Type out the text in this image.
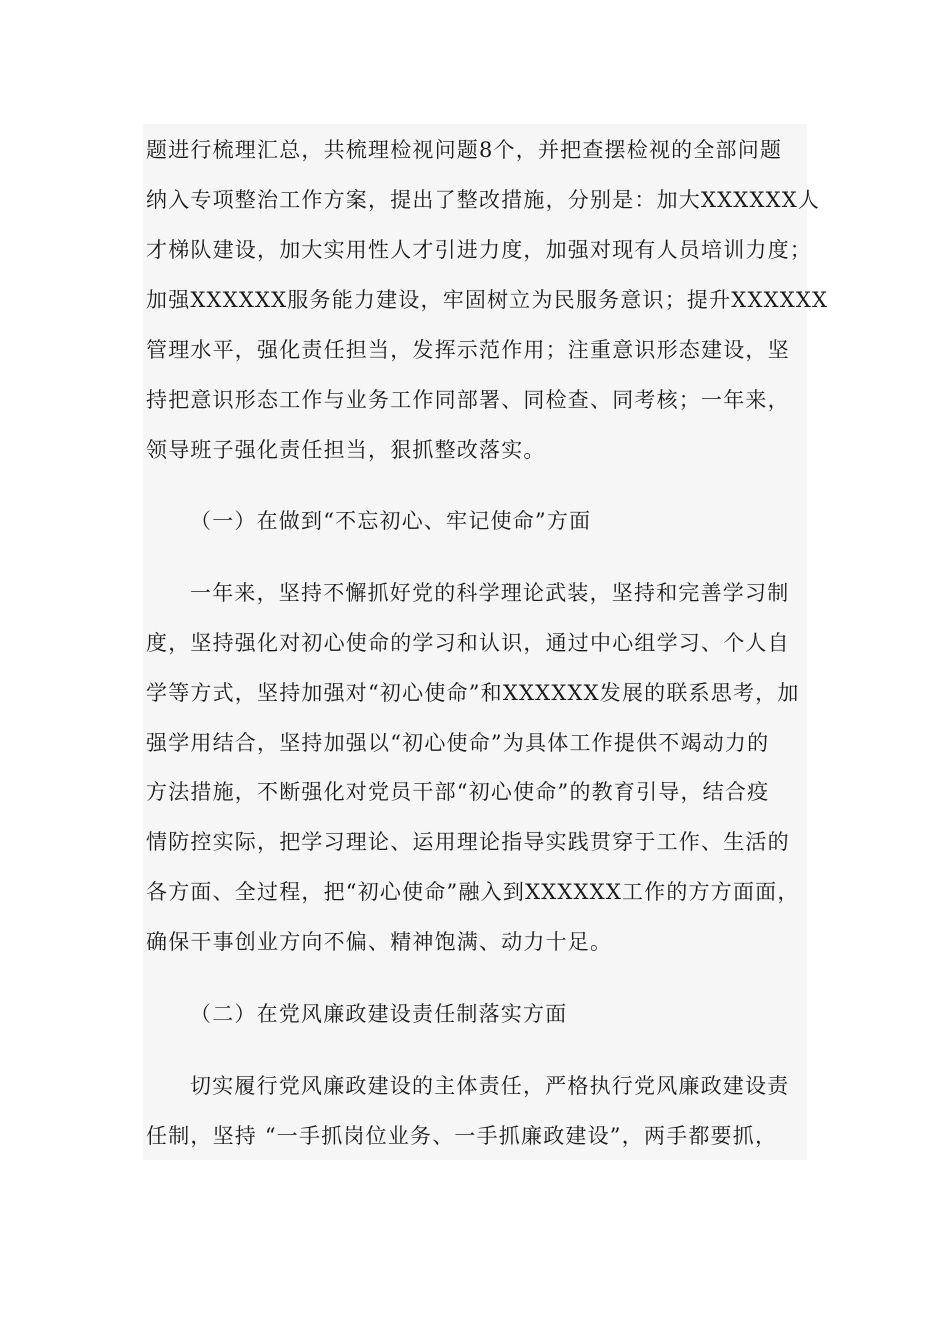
题进行梳理汇总，共梳理检视问题8个，并把查摆检视的全部问题
纳入专项整治工作方案，提出了整改措施，分别是：加大XXXXXX人
才梯队建设，加大实用性人才引进力度，加强对现有人员培训力度；
加强XXXXXX服务能力建设，牢固树立为民服务意识；提升XXXXXX
管理水平，强化责任担当，发挥示范作用；注重意识形态建设，坚
持把意识形态工作与业务工作同部署、同检查、同考核；一年来，
领导班子强化责任担当，狠抓整改落实。
（一）在做到“不忘初心、牢记使命”方面
一年来，坚持不懈抓好党的科学理论武装，坚持和完善学习制
度，坚持强化对初心使命的学习和认识，通过中心组学习、个人自
学等方式，坚持加强对“初心使命”和XXXXXX发展的联系思考，加
强学用结合，坚持加强以“初心使命”为具体工作提供不竭动力的
方法措施，不断强化对党员干部“初心使命”的教育引导，结合疫
情防控实际，把学习理论、运用理论指导实践贯穿于工作、生活的
各方面、全过程，把“初心使命”融入到XXXXXX工作的方方面面，
确保干事创业方向不偏、精神饱满、动力十足。
（二）在党风廉政建设责任制落实方面
切实履行党风廉政建设的主体责任，严格执行党风廉政建设责
任制，坚持 “一手抓岗位业务、一手抓廉政建设”，两手都要抓，
